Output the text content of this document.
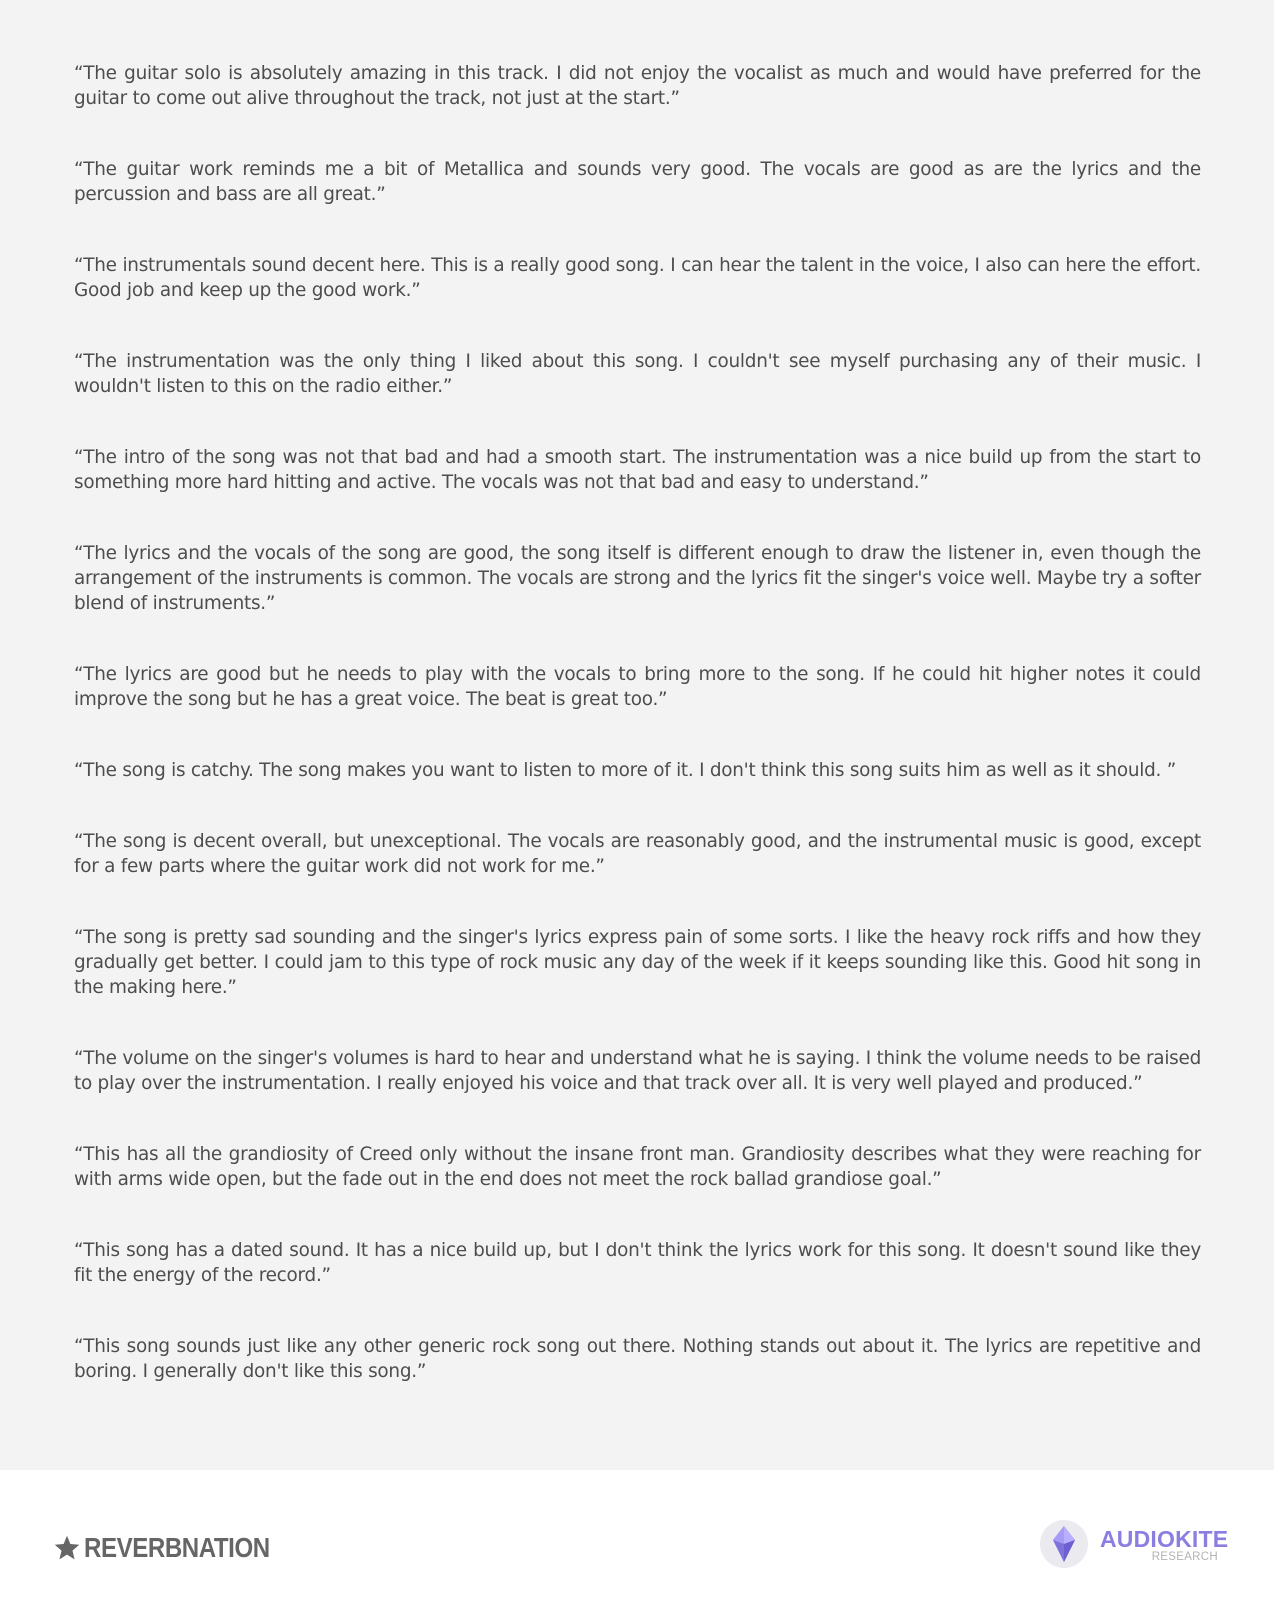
“The guitar solo is absolutely amazing in this track. I did not enjoy the vocalist as much and would have preferred for the guitar to come out alive throughout the track, not just at the start.”
“The guitar work reminds me a bit of Metallica and sounds very good. The vocals are good as are the lyrics and the percussion and bass are all great.”
“The instrumentals sound decent here. This is a really good song. I can hear the talent in the voice, I also can here the effort. Good job and keep up the good work.”
“The instrumentation was the only thing I liked about this song. I couldn't see myself purchasing any of their music. I wouldn't listen to this on the radio either.”
“The intro of the song was not that bad and had a smooth start. The instrumentation was a nice build up from the start to something more hard hitting and active. The vocals was not that bad and easy to understand.”
“The lyrics and the vocals of the song are good, the song itself is different enough to draw the listener in, even though the arrangement of the instruments is common. The vocals are strong and the lyrics fit the singer's voice well. Maybe try a softer blend of instruments.”
“The lyrics are good but he needs to play with the vocals to bring more to the song. If he could hit higher notes it could improve the song but he has a great voice. The beat is great too.”
“The song is catchy. The song makes you want to listen to more of it. I don't think this song suits him as well as it should. ”
“The song is decent overall, but unexceptional. The vocals are reasonably good, and the instrumental music is good, except for a few parts where the guitar work did not work for me.”
“The song is pretty sad sounding and the singer's lyrics express pain of some sorts. I like the heavy rock riffs and how they gradually get better. I could jam to this type of rock music any day of the week if it keeps sounding like this. Good hit song in the making here.”
“The volume on the singer's volumes is hard to hear and understand what he is saying. I think the volume needs to be raised to play over the instrumentation. I really enjoyed his voice and that track over all. It is very well played and produced.”
“This has all the grandiosity of Creed only without the insane front man. Grandiosity describes what they were reaching for with arms wide open, but the fade out in the end does not meet the rock ballad grandiose goal.”
“This song has a dated sound. It has a nice build up, but I don't think the lyrics work for this song. It doesn't sound like they fit the energy of the record.”
“This song sounds just like any other generic rock song out there. Nothing stands out about it. The lyrics are repetitive and boring. I generally don't like this song.”
REVERBNATION	AUDIOKITE
RESEARCH
